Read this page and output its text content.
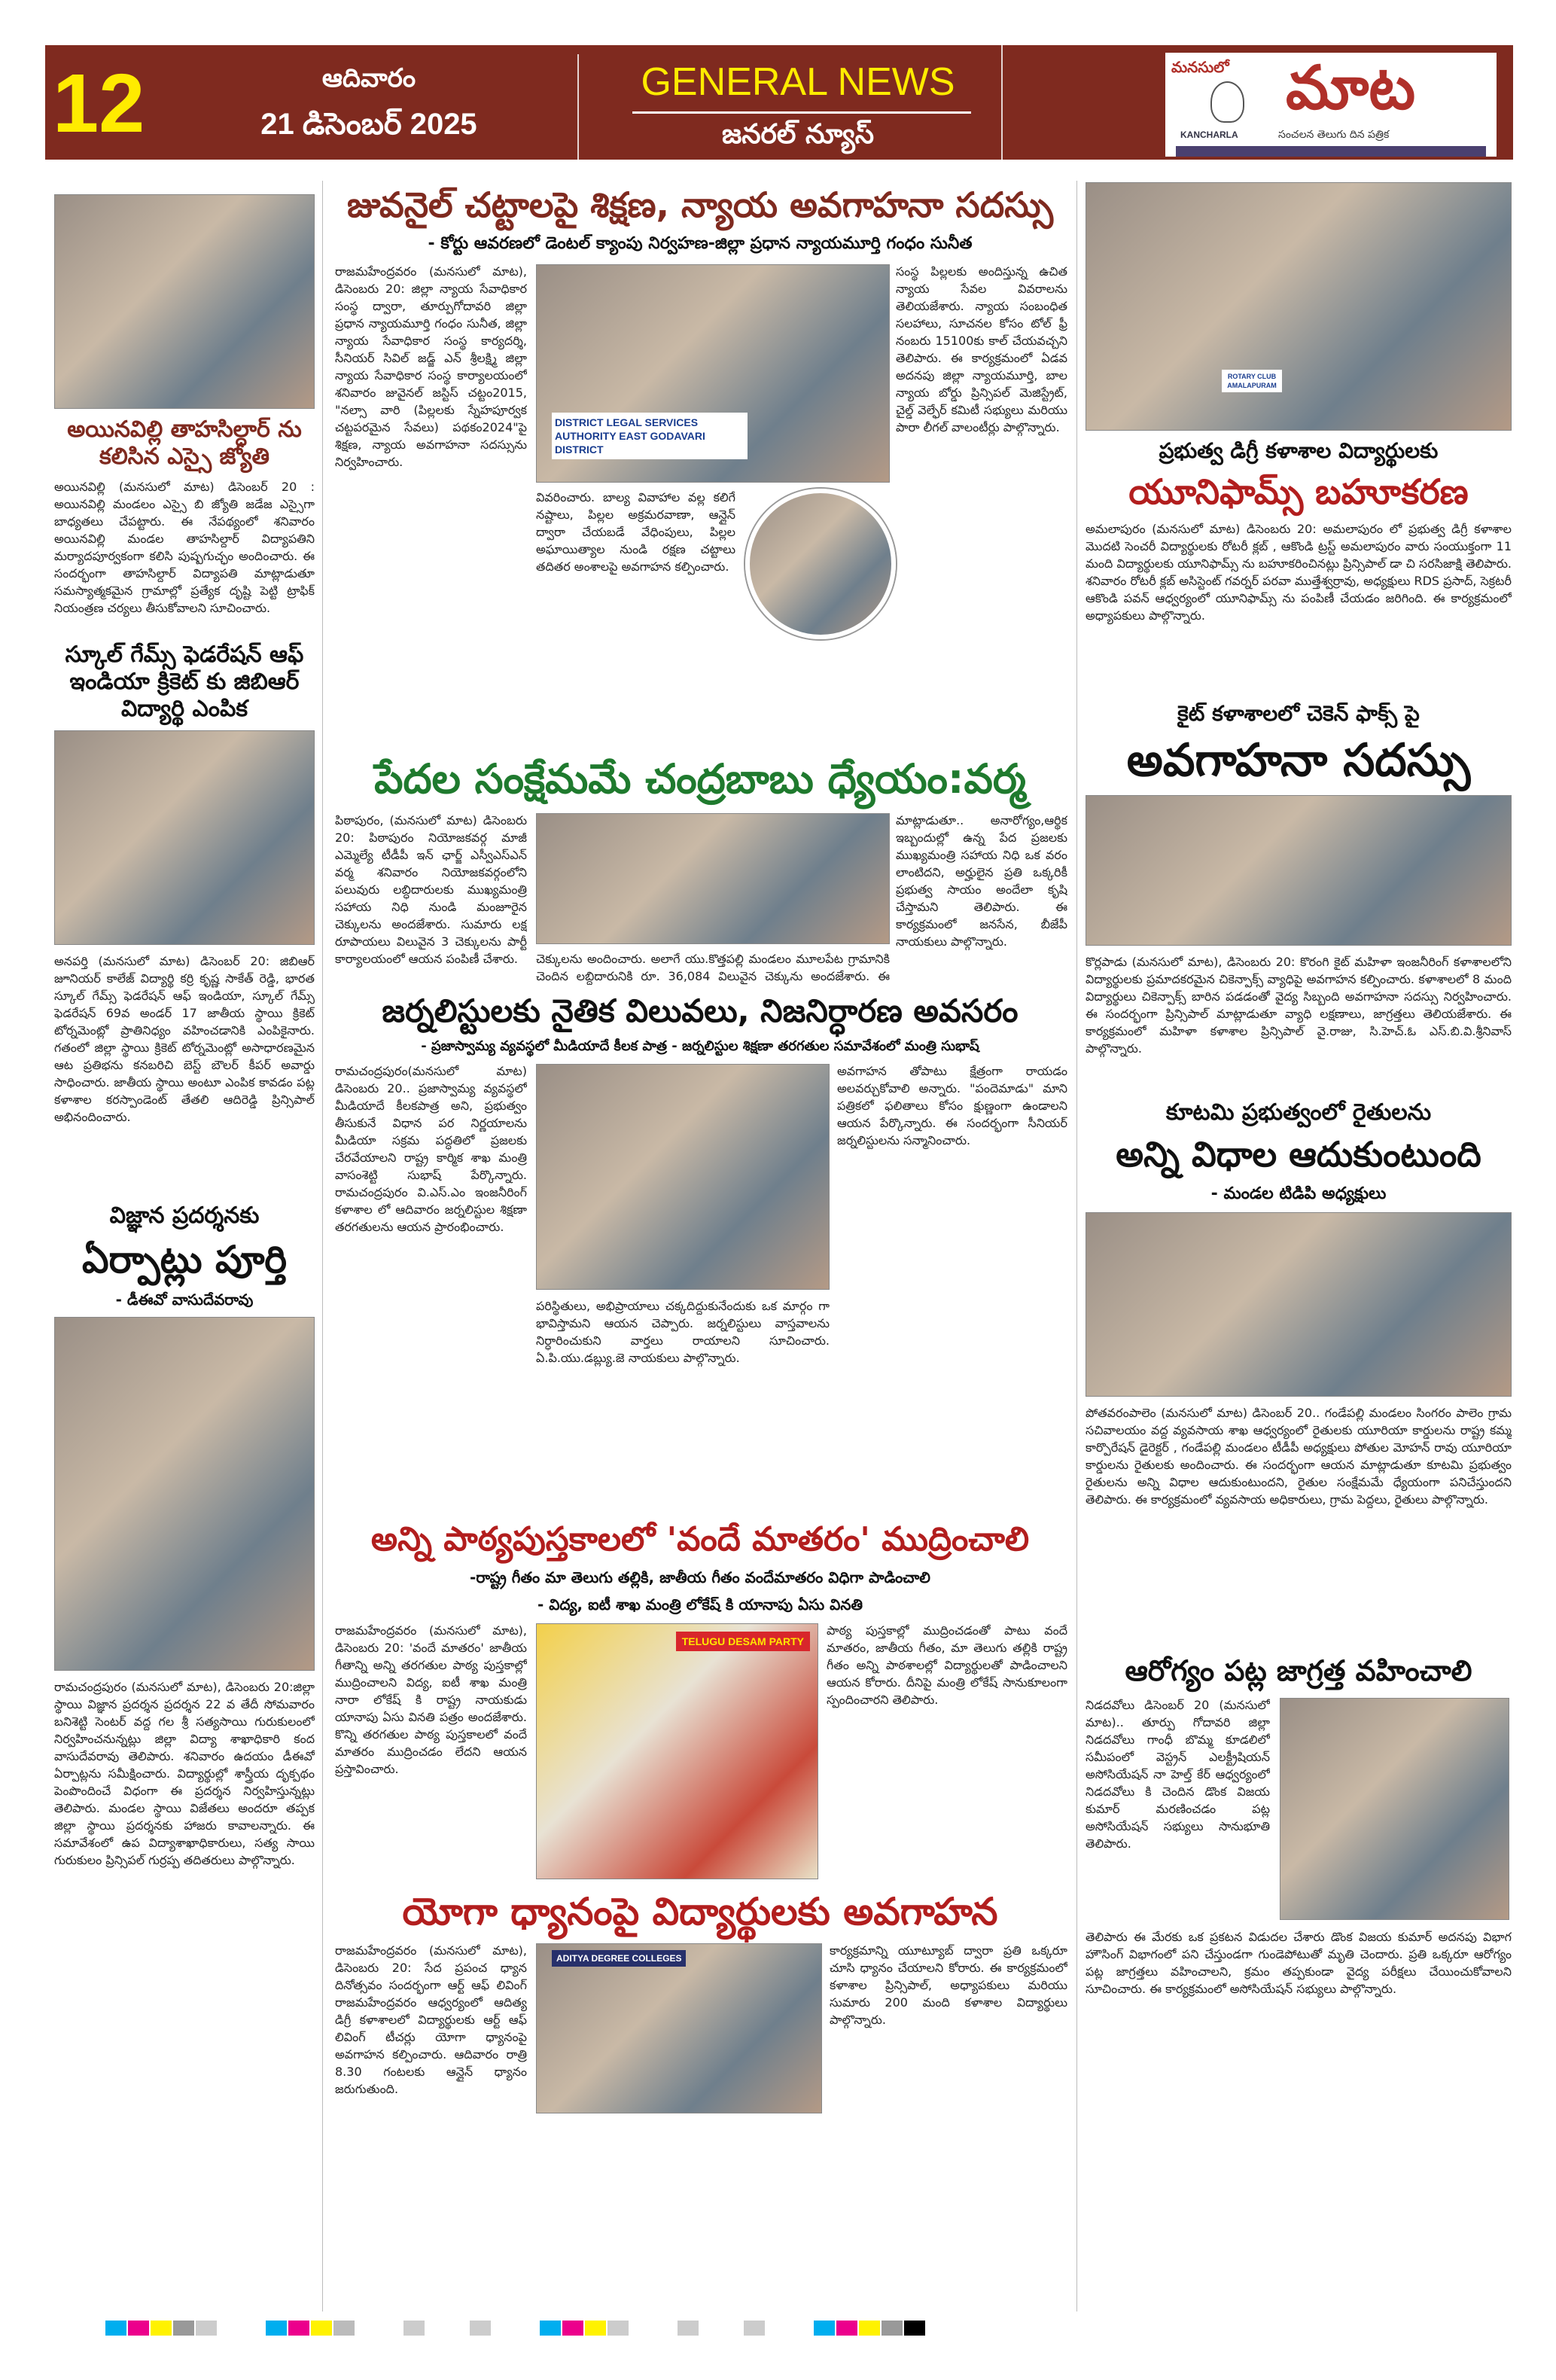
12	ఆదివారం
21 డిసెంబర్ 2025
GENERAL NEWS
జనరల్ న్యూస్
మనసులో మాట
KANCHARLA	సంచలన తెలుగు దిన పత్రిక
అయినవిల్లి తాహసిల్దార్ ను కలిసిన ఎస్సై జ్యోతి
అయినవిల్లి (మనసులో మాట) డిసెంబర్ 20 : అయినవిల్లి మండలం ఎస్సై బి జ్యోతి జడేజ ఎస్సైగా బాధ్యతలు చేపట్టారు. ఈ నేపథ్యంలో శనివారం అయినవిల్లి మండల తాహసిల్దార్ విద్యాపతిని మర్యాదపూర్వకంగా కలిసి పుష్పగుచ్ఛం అందించారు. ఈ సందర్భంగా తాహసిల్దార్ విద్యాపతి మాట్లాడుతూ సమస్యాత్మకమైన గ్రామాల్లో ప్రత్యేక దృష్టి పెట్టి ట్రాఫిక్ నియంత్రణ చర్యలు తీసుకోవాలని సూచించారు.
స్కూల్ గేమ్స్ ఫెడరేషన్ ఆఫ్ ఇండియా క్రికెట్ కు జిబిఆర్ విద్యార్థి ఎంపిక
అనపర్తి (మనసులో మాట) డిసెంబర్ 20: జిబిఆర్ జూనియర్ కాలేజ్ విద్యార్థి కర్రి కృష్ణ సాకేత్ రెడ్డి, భారత స్కూల్ గేమ్స్ ఫెడరేషన్ ఆఫ్ ఇండియా, స్కూల్ గేమ్స్ ఫెడరేషన్ 69వ అండర్ 17 జాతీయ స్థాయి క్రికెట్ టోర్నమెంట్లో ప్రాతినిధ్యం వహించడానికి ఎంపికైనారు. గతంలో జిల్లా స్థాయి క్రికెట్ టోర్నమెంట్లో అసాధారణమైన ఆట ప్రతిభను కనబరిచి బెస్ట్ బౌలర్ కీపర్ అవార్డు సాధించారు. జాతీయ స్థాయి అంటూ ఎంపిక కావడం పట్ల కళాశాల కరస్పాండెంట్ తేతలి ఆదిరెడ్డి ప్రిన్సిపాల్ అభినందించారు.
విజ్ఞాన ప్రదర్శనకు
ఏర్పాట్లు పూర్తి
- డీఈవో వాసుదేవరావు
రామచంద్రపురం (మనసులో మాట), డిసెంబరు 20:జిల్లా స్థాయి విజ్ఞాన ప్రదర్శన ప్రదర్శన 22 వ తేదీ సోమవారం బనిశెట్టి సెంటర్ వద్ద గల శ్రీ సత్యసాయి గురుకులంలో నిర్వహించనున్నట్లు జిల్లా విద్యా శాఖాధికారి కంద వాసుదేవరావు తెలిపారు. శనివారం ఉదయం డీఈవో ఏర్పాట్లను సమీక్షించారు. విద్యార్థుల్లో శాస్త్రీయ దృక్పథం పెంపొందించే విధంగా ఈ ప్రదర్శన నిర్వహిస్తున్నట్లు తెలిపారు. మండల స్థాయి విజేతలు అందరూ తప్పక జిల్లా స్థాయి ప్రదర్శనకు హాజరు కావాలన్నారు. ఈ సమావేశంలో ఉప విద్యాశాఖాధికారులు, సత్య సాయి గురుకులం ప్రిన్సిపల్ గుర్రప్ప తదితరులు పాల్గొన్నారు.
జువనైల్ చట్టాలపై శిక్షణ, న్యాయ అవగాహనా సదస్సు
- కోర్టు ఆవరణలో డెంటల్ క్యాంపు నిర్వహణ-జిల్లా ప్రధాన న్యాయమూర్తి గంధం సునీత
రాజమహేంద్రవరం (మనసులో మాట), డిసెంబరు 20: జిల్లా న్యాయ సేవాధికార సంస్థ ద్వారా, తూర్పుగోదావరి జిల్లా ప్రధాన న్యాయమూర్తి గంధం సునీత, జిల్లా న్యాయ సేవాధికార సంస్థ కార్యదర్శి, సీనియర్ సివిల్ జడ్జ్ ఎన్ శ్రీలక్ష్మి జిల్లా న్యాయ సేవాధికార సంస్థ కార్యాలయంలో శనివారం జువైనల్ జస్టిస్ చట్టం2015, "నల్సా వారి (పిల్లలకు స్నేహపూర్వక చట్టపరమైన సేవలు) పథకం2024"పై శిక్షణ, న్యాయ అవగాహనా సదస్సును నిర్వహించారు.
DISTRICT LEGAL SERVICES AUTHORITY EAST GODAVARI DISTRICT
వివరించారు. బాల్య వివాహాల వల్ల కలిగే నష్టాలు, పిల్లల అక్రమరవాణా, ఆన్లైన్ ద్వారా చేయబడే వేధింపులు, పిల్లల అఘాయిత్యాల నుండి రక్షణ చట్టాలు తదితర అంశాలపై అవగాహన కల్పించారు.
సంస్థ పిల్లలకు అందిస్తున్న ఉచిత న్యాయ సేవల వివరాలను తెలియజేశారు. న్యాయ సంబంధిత సలహాలు, సూచనల కోసం టోల్ ఫ్రీ నంబరు 15100కు కాల్ చేయవచ్చని తెలిపారు. ఈ కార్యక్రమంలో ఏడవ అదనపు జిల్లా న్యాయమూర్తి, బాల న్యాయ బోర్డు ప్రిన్సిపల్ మెజిస్ట్రేట్, చైల్డ్ వెల్ఫేర్ కమిటీ సభ్యులు మరియు పారా లీగల్ వాలంటీర్లు పాల్గొన్నారు.
పేదల సంక్షేమమే చంద్రబాబు ధ్యేయం:వర్మ
పిఠాపురం, (మనసులో మాట) డిసెంబరు 20: పిఠాపురం నియోజకవర్గ మాజీ ఎమ్మెల్యే టీడీపీ ఇన్ ఛార్జ్ ఎస్వీఎస్ఎన్ వర్మ శనివారం నియోజకవర్గంలోని పలువురు లబ్ధిదారులకు ముఖ్యమంత్రి సహాయ నిధి నుండి మంజూరైన చెక్కులను అందజేశారు. సుమారు లక్ష రూపాయలు విలువైన 3 చెక్కులను పార్టీ కార్యాలయంలో ఆయన పంపిణీ చేశారు.	చెక్కులను అందించారు. అలాగే యు.కొత్తపల్లి మండలం మూలపేట గ్రామానికి చెందిన లబ్ధిదారునికి రూ. 36,084 విలువైన చెక్కును అందజేశారు. ఈ
మాట్లాడుతూ.. అనారోగ్యం,ఆర్థిక ఇబ్బందుల్లో ఉన్న పేద ప్రజలకు ముఖ్యమంత్రి సహాయ నిధి ఒక వరం లాంటిదని, అర్హులైన ప్రతి ఒక్కరికీ ప్రభుత్వ సాయం అందేలా కృషి చేస్తామని తెలిపారు. ఈ కార్యక్రమంలో జనసేన, బీజేపీ నాయకులు పాల్గొన్నారు.
జర్నలిస్టులకు నైతిక విలువలు, నిజనిర్ధారణ అవసరం
- ప్రజాస్వామ్య వ్యవస్థలో మీడియాదే కీలక పాత్ర - జర్నలిస్టుల శిక్షణా తరగతుల సమావేశంలో మంత్రి సుభాష్
రామచంద్రపురం(మనసులో మాట) డిసెంబరు 20.. ప్రజాస్వామ్య వ్యవస్థలో మీడియాదే కీలకపాత్ర అని, ప్రభుత్వం తీసుకునే విధాన పర నిర్ణయాలను మీడియా సక్రమ పద్ధతిలో ప్రజలకు చేరవేయాలని రాష్ట్ర కార్మిక శాఖ మంత్రి వాసంశెట్టి సుభాష్ పేర్కొన్నారు. రామచంద్రపురం వి.ఎస్.ఎం ఇంజనీరింగ్ కళాశాల లో ఆదివారం జర్నలిస్టుల శిక్షణా తరగతులను ఆయన ప్రారంభించారు.
పరిస్థితులు, అభిప్రాయాలు చక్కదిద్దుకునేందుకు ఒక మార్గం గా భావిస్తామని ఆయన చెప్పారు. జర్నలిస్టులు వాస్తవాలను నిర్ధారించుకుని వార్తలు రాయాలని సూచించారు. ఏ.పి.యు.డబ్ల్యు.జె నాయకులు పాల్గొన్నారు.
అవగాహన తోపాటు క్షేత్రంగా రాయడం అలవర్చుకోవాలి అన్నారు. "పందెమాడు" మాని పత్రికలో ఫలితాలు కోసం క్షుణ్ణంగా ఉండాలని ఆయన పేర్కొన్నారు. ఈ సందర్భంగా సీనియర్ జర్నలిస్టులను సన్మానించారు.
అన్ని పాఠ్యపుస్తకాలలో 'వందే మాతరం' ముద్రించాలి
-రాష్ట్ర గీతం మా తెలుగు తల్లికి, జాతీయ గీతం వందేమాతరం విధిగా పాడించాలి
- విద్య, ఐటీ శాఖ మంత్రి లోకేష్ కి యానాపు ఏసు వినతి
రాజమహేంద్రవరం (మనసులో మాట), డిసెంబరు 20: 'వందే మాతరం' జాతీయ గీతాన్ని అన్ని తరగతుల పాఠ్య పుస్తకాల్లో ముద్రించాలని విద్య, ఐటీ శాఖ మంత్రి నారా లోకేష్ కి రాష్ట్ర నాయకుడు యానాపు ఏసు వినతి పత్రం అందజేశారు. కొన్ని తరగతుల పాఠ్య పుస్తకాలలో వందే మాతరం ముద్రించడం లేదని ఆయన ప్రస్తావించారు.
TELUGU DESAM PARTY
పాఠ్య పుస్తకాల్లో ముద్రించడంతో పాటు వందే మాతరం, జాతీయ గీతం, మా తెలుగు తల్లికి రాష్ట్ర గీతం అన్ని పాఠశాలల్లో విద్యార్థులతో పాడించాలని ఆయన కోరారు. దీనిపై మంత్రి లోకేష్ సానుకూలంగా స్పందించారని తెలిపారు.
యోగా ధ్యానంపై విద్యార్థులకు అవగాహన
రాజమహేంద్రవరం (మనసులో మాట), డిసెంబరు 20: సేద ప్రపంచ ధ్యాన దినోత్సవం సందర్భంగా ఆర్ట్ ఆఫ్ లివింగ్ రాజమహేంద్రవరం ఆధ్వర్యంలో ఆదిత్య డిగ్రీ కళాశాలలో విద్యార్థులకు ఆర్ట్ ఆఫ్ లివింగ్ టీచర్లు యోగా ధ్యానంపై అవగాహన కల్పించారు. ఆదివారం రాత్రి 8.30 గంటలకు ఆన్లైన్ ధ్యానం జరుగుతుంది.
ADITYA DEGREE COLLEGES
కార్యక్రమాన్ని యూట్యూబ్ ద్వారా ప్రతి ఒక్కరూ చూసి ధ్యానం చేయాలని కోరారు. ఈ కార్యక్రమంలో కళాశాల ప్రిన్సిపాల్, అధ్యాపకులు మరియు సుమారు 200 మంది కళాశాల విద్యార్థులు పాల్గొన్నారు.
ROTARY CLUB AMALAPURAM
ప్రభుత్వ డిగ్రీ కళాశాల విద్యార్థులకు
యూనిఫామ్స్ బహూకరణ
అమలాపురం (మనసులో మాట) డిసెంబరు 20: అమలాపురం లో ప్రభుత్వ డిగ్రీ కళాశాల మొదటి సెంచరీ విద్యార్థులకు రోటరీ క్లబ్ , ఆకొండి ట్రస్ట్ అమలాపురం వారు సంయుక్తంగా 11 మంది విద్యార్థులకు యూనిఫామ్స్ ను బహూకరించినట్లు ప్రిన్సిపాల్ డా చి సరసిజాక్షి తెలిపారు. శనివారం రోటరీ క్లబ్ అసిస్టెంట్ గవర్నర్ పరవా ముత్తేశ్వర్రావు, అధ్యక్షులు RDS ప్రసాద్, సెక్రటరీ ఆకొండి పవన్ ఆధ్వర్యంలో యూనిఫామ్స్ ను పంపిణీ చేయడం జరిగింది. ఈ కార్యక్రమంలో అధ్యాపకులు పాల్గొన్నారు.
కైట్ కళాశాలలో చెకెన్ ఫాక్స్ పై
అవగాహనా సదస్సు
కొర్లపాడు (మనసులో మాట), డిసెంబరు 20: కొరంగి కైట్ మహిళా ఇంజనీరింగ్ కళాశాలలోని విద్యార్థులకు ప్రమాదకరమైన చికెన్పాక్స్ వ్యాధిపై అవగాహన కల్పించారు. కళాశాలలో 8 మంది విద్యార్థులు చికెన్పాక్స్ బారిన పడడంతో వైద్య సిబ్బంది అవగాహనా సదస్సు నిర్వహించారు. ఈ సందర్భంగా ప్రిన్సిపాల్ మాట్లాడుతూ వ్యాధి లక్షణాలు, జాగ్రత్తలు తెలియజేశారు. ఈ కార్యక్రమంలో మహిళా కళాశాల ప్రిన్సిపాల్ వై.రాజు, సి.హెచ్.ఓ ఎస్.బి.వి.శ్రీనివాస్ పాల్గొన్నారు.
కూటమి ప్రభుత్వంలో రైతులను
అన్ని విధాల ఆదుకుంటుంది
- మండల టిడిపి అధ్యక్షులు
పోతవరంపాలెం (మనసులో మాట) డిసెంబర్ 20.. గండేపల్లి మండలం సింగరం పాలెం గ్రామ సచివాలయం వద్ద వ్యవసాయ శాఖ ఆధ్వర్యంలో రైతులకు యూరియా కార్డులను రాష్ట్ర కమ్మ కార్పొరేషన్ డైరెక్టర్ , గండేపల్లి మండలం టీడీపీ అధ్యక్షులు పోతుల మోహన్ రావు యూరియా కార్డులను రైతులకు అందించారు. ఈ సందర్భంగా ఆయన మాట్లాడుతూ కూటమి ప్రభుత్వం రైతులను అన్ని విధాల ఆదుకుంటుందని, రైతుల సంక్షేమమే ధ్యేయంగా పనిచేస్తుందని తెలిపారు. ఈ కార్యక్రమంలో వ్యవసాయ అధికారులు, గ్రామ పెద్దలు, రైతులు పాల్గొన్నారు.
ఆరోగ్యం పట్ల జాగ్రత్త వహించాలి
నిడదవోలు డిసెంబర్ 20 (మనసులో మాట).. తూర్పు గోదావరి జిల్లా నిడదవోలు గాంధీ బొమ్మ కూడలిలో సమీపంలో వెస్ట్రన్ ఎలక్ట్రీషియన్ అసోసియేషన్ నా హెల్త్ కేర్ ఆధ్వర్యంలో నిడదవోలు కి చెందిన డొంక విజయ కుమార్ మరణించడం పట్ల అసోసియేషన్ సభ్యులు సానుభూతి తెలిపారు.
తెలిపారు ఈ మేరకు ఒక ప్రకటన విడుదల చేశారు డొంక విజయ కుమార్ అదనపు విభాగ హౌసింగ్ విభాగంలో పని చేస్తుండగా గుండెపోటుతో మృతి చెందారు. ప్రతి ఒక్కరూ ఆరోగ్యం పట్ల జాగ్రత్తలు వహించాలని, క్రమం తప్పకుండా వైద్య పరీక్షలు చేయించుకోవాలని సూచించారు. ఈ కార్యక్రమంలో అసోసియేషన్ సభ్యులు పాల్గొన్నారు.
